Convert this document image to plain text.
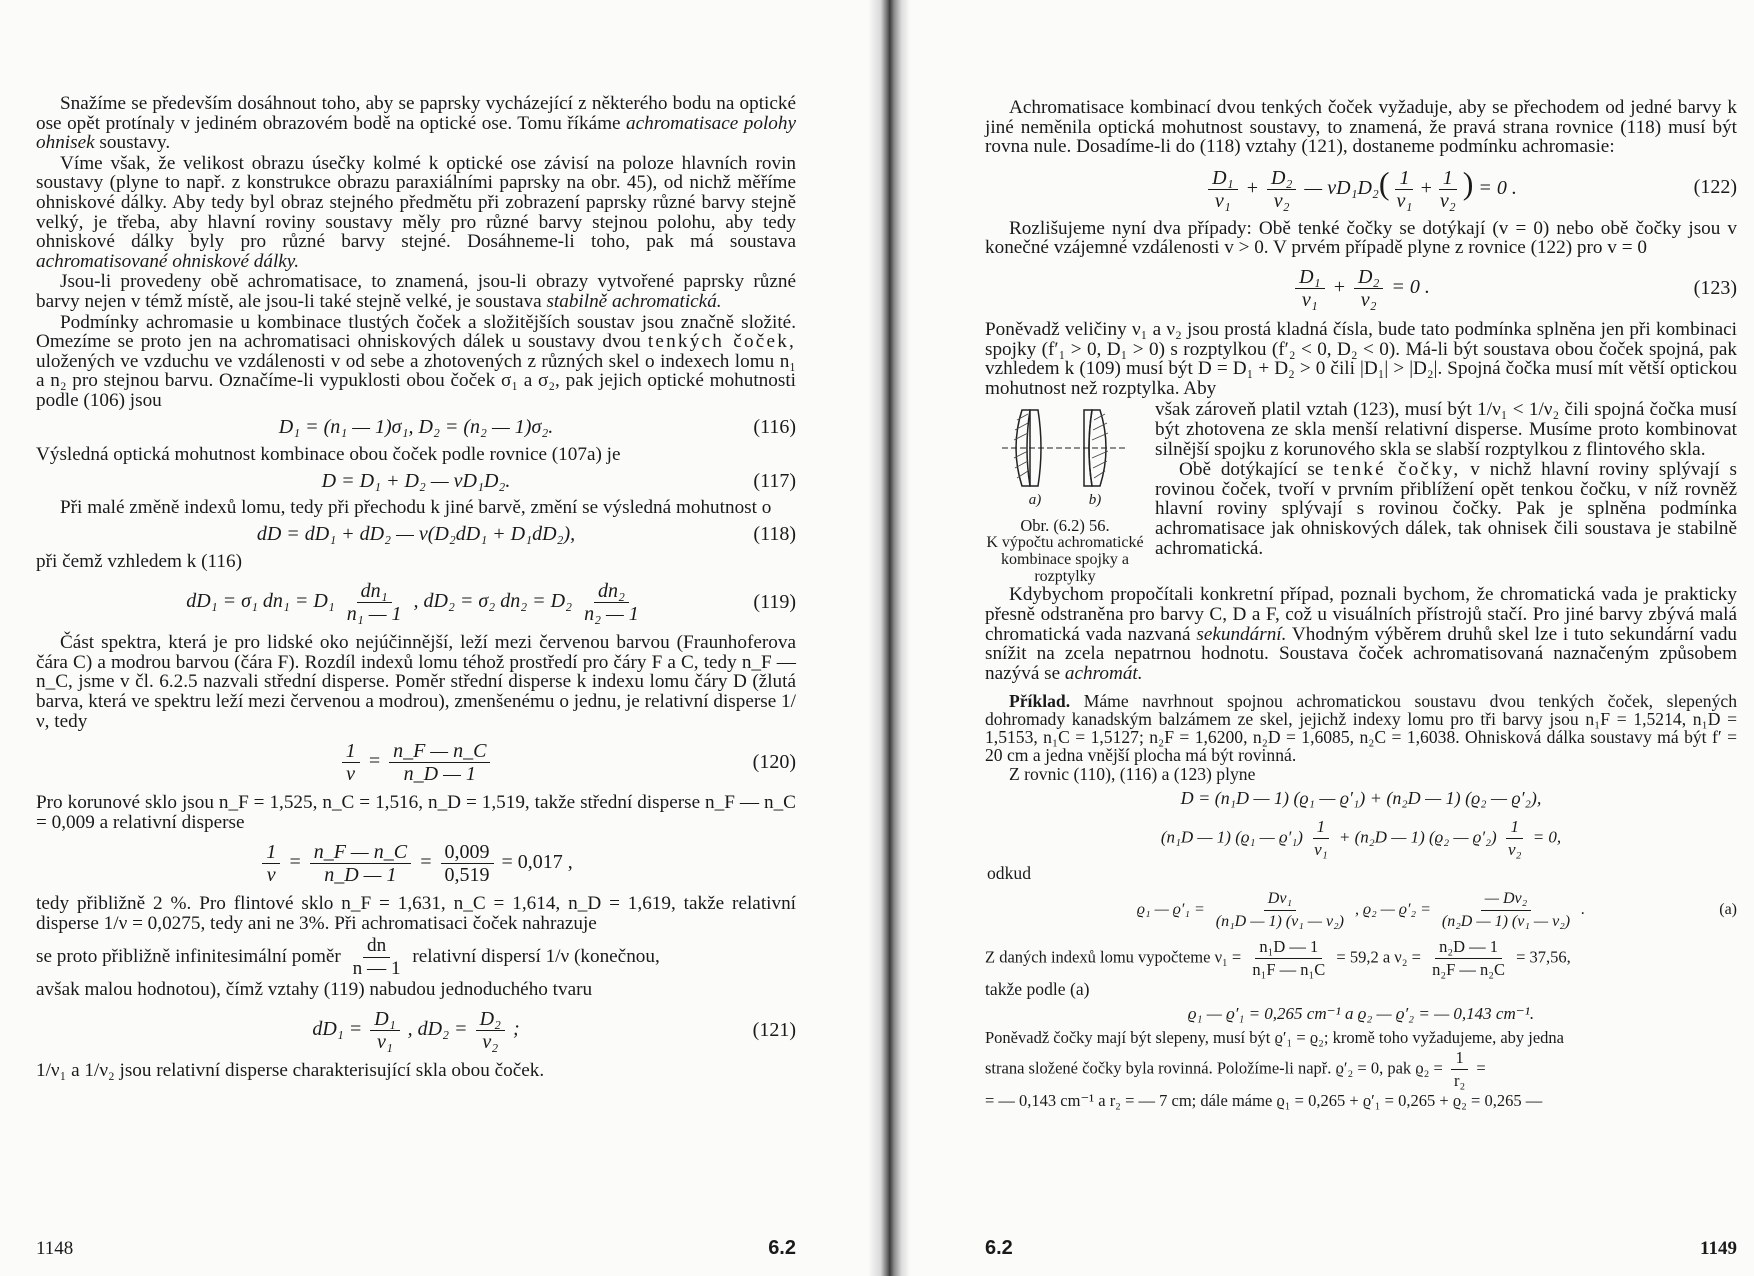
Snažíme se především dosáhnout toho, aby se paprsky vycházející z některého bodu na optické ose opět protínaly v jediném obrazovém bodě na optické ose. Tomu říkáme achromatisace polohy ohnisek soustavy.

Víme však, že velikost obrazu úsečky kolmé k optické ose závisí na poloze hlavních rovin soustavy (plyne to např. z konstrukce obrazu paraxiálními paprsky na obr. 45), od nichž měříme ohniskové dálky. Aby tedy byl obraz stejného předmětu při zobrazení paprsky různé barvy stejně velký, je třeba, aby hlavní roviny soustavy měly pro různé barvy stejnou polohu, aby tedy ohniskové dálky byly pro různé barvy stejné. Dosáhneme-li toho, pak má soustava achromatisované ohniskové dálky.

Jsou-li provedeny obě achromatisace, to znamená, jsou-li obrazy vytvořené paprsky různé barvy nejen v témž místě, ale jsou-li také stejně velké, je soustava stabilně achromatická.

Podmínky achromasie u kombinace tlustých čoček a složitějších soustav jsou značně složité. Omezíme se proto jen na achromatisaci ohniskových dálek u soustavy dvou tenkých čoček, uložených ve vzduchu ve vzdálenosti v od sebe a zhotovených z různých skel o indexech lomu n₁ a n₂ pro stejnou barvu. Označíme-li vypuklosti obou čoček σ₁ a σ₂, pak jejich optické mohutnosti podle (106) jsou

D₁ = (n₁ — 1)σ₁, D₂ = (n₂ — 1)σ₂.	(116)

Výsledná optická mohutnost kombinace obou čoček podle rovnice (107a) je

D = D₁ + D₂ — vD₁D₂.	(117)

Při malé změně indexů lomu, tedy při přechodu k jiné barvě, změní se výsledná mohutnost o

dD = dD₁ + dD₂ — v(D₂dD₁ + D₁dD₂),	(118)

při čemž vzhledem k (116)

dD₁ = σ₁ $dn_1 = D_1 \frac{\text{dn₁}}{\text{n₁ — 1}}$ , dD₂ = σ₂ $dn_2 = D_2 \frac{\text{dn₂}}{\text{n₂ — 1}}$	(119)

Část spektra, která je pro lidské oko nejúčinnější, leží mezi červenou barvou (Fraunhoferova čára C) a modrou barvou (čára F). Rozdíl indexů lomu téhož prostředí pro čáry F a C, tedy n_F — n_C, jsme v čl. 6.2.5 nazvali střední disperse. Poměr střední disperse k indexu lomu čáry D (žlutá barva, která ve spektru leží mezi červenou a modrou), zmenšenému o jednu, je relativní disperse 1/ν, tedy

$\frac{1}{\nu} = \frac{n\_F — n\_C}{n\_D — 1}$	(120)

Pro korunové sklo jsou n_F = 1,525, n_C = 1,516, n_D = 1,519, takže střední disperse n_F — n_C = 0,009 a relativní disperse

$\frac{1}{\nu} = \frac{n\_F — n\_C}{n\_D — 1} = \frac{0,009}{0,519} = 0,017$ ,

tedy přibližně 2 %. Pro flintové sklo n_F = 1,631, n_C = 1,614, n_D = 1,619, takže relativní disperse 1/ν = 0,0275, tedy ani ne 3%. Při achromatisaci čoček nahrazuje

se proto přibližně infinitesimální poměr $\frac{dn}{n — 1}$ relativní dispersí 1/ν (konečnou,

avšak malou hodnotou), čímž vztahy (119) nabudou jednoduchého tvaru

$dD_1 = \frac{\text{D₁}}{\text{ν₁}}$ , $dD_2 = \frac{\text{D₂}}{\text{ν₂}}$ ;	(121)

1/ν₁ a 1/ν₂ jsou relativní disperse charakterisující skla obou čoček.

1148	6.2

Achromatisace kombinací dvou tenkých čoček vyžaduje, aby se přechodem od jedné barvy k jiné neměnila optická mohutnost soustavy, to znamená, že pravá strana rovnice (118) musí být rovna nule. Dosadíme-li do (118) vztahy (121), dostaneme podmínku achromasie:

$\frac{\text{D₁}}{\text{ν₁}} + \frac{\text{D₂}}{\text{ν₂}}$ — $vD_1D_2( \frac{1}{\text{ν₁}} + \frac{1}{\text{ν₂}}$ ) = 0 .	(122)

Rozlišujeme nyní dva případy: Obě tenké čočky se dotýkají (v = 0) nebo obě čočky jsou v konečné vzájemné vzdálenosti v > 0. V prvém případě plyne z rovnice (122) pro v = 0

$\frac{\text{D₁}}{\text{ν₁}} + \frac{\text{D₂}}{\text{ν₂}} = 0$ .	(123)

Poněvadž veličiny ν₁ a ν₂ jsou prostá kladná čísla, bude tato podmínka splněna jen při kombinaci spojky (f′₁ > 0, D₁ > 0) s rozptylkou (f′₂ < 0, D₂ < 0). Má-li být soustava obou čoček spojná, pak vzhledem k (109) musí být D = D₁ + D₂ > 0 čili |D₁| > |D₂|. Spojná čočka musí mít větší optickou mohutnost než rozptylka. Aby

a)	b)
Obr. (6.2) 56.
K výpočtu achromatické kombinace spojky a rozptylky

však zároveň platil vztah (123), musí být 1/ν₁ < 1/ν₂ čili spojná čočka musí být zhotovena ze skla menší relativní disperse. Musíme proto kombinovat silnější spojku z korunového skla se slabší rozptylkou z flintového skla.

Obě dotýkající se tenké čočky, v nichž hlavní roviny splývají s rovinou čoček, tvoří v prvním přiblížení opět tenkou čočku, v níž rovněž hlavní roviny splývají s rovinou čočky. Pak je splněna podmínka achromatisace jak ohniskových dálek, tak ohnisek čili soustava je stabilně achromatická.

Kdybychom propočítali konkretní případ, poznali bychom, že chromatická vada je prakticky přesně odstraněna pro barvy C, D a F, což u visuálních přístrojů stačí. Pro jiné barvy zbývá malá chromatická vada nazvaná sekundární. Vhodným výběrem druhů skel lze i tuto sekundární vadu snížit na zcela nepatrnou hodnotu. Soustava čoček achromatisovaná naznačeným způsobem nazývá se achromát.

Příklad. Máme navrhnout spojnou achromatickou soustavu dvou tenkých čoček, slepených dohromady kanadským balzámem ze skel, jejichž indexy lomu pro tři barvy jsou n₁F = 1,5214, n₁D = 1,5153, n₁C = 1,5127; n₂F = 1,6200, n₂D = 1,6085, n₂C = 1,6038. Ohnisková dálka soustavy má být f′ = 20 cm a jedna vnější plocha má být rovinná.

Z rovnic (110), (116) a (123) plyne

D = (n₁D — 1) (ϱ₁ — ϱ′₁) + (n₂D — 1) (ϱ₂ — ϱ′₂),
(n₁D — 1) (ϱ₁ — $ϱ'_1) \frac{1}{\text{ν₁}} + (n_2D$ — 1) (ϱ₂ — $ϱ'_2) \frac{1}{\text{ν₂}} = 0$,

odkud

ϱ₁ — $ϱ'_1 = \frac{\text{Dν₁}}{\text{(n₁D — 1) (ν₁ — ν₂)}}$ , ϱ₂ — $ϱ'_2 = \frac{\text{— Dν₂}}{\text{(n₂D — 1) (ν₁ — ν₂)}}$ .	(a)

Z daných indexů lomu vypočteme $\nu_1 = \frac{\text{n₁D — 1}}{\text{n₁F — n₁C}} = 59,2$ a $\nu_2 = \frac{\text{n₂D — 1}}{\text{n₂F — n₂C}} = 37,56$,

takže podle (a)

ϱ₁ — ϱ′₁ = 0,265 cm⁻¹ a ϱ₂ — ϱ′₂ = — 0,143 cm⁻¹.

Poněvadž čočky mají být slepeny, musí být ϱ′₁ = ϱ₂; kromě toho vyžadujeme, aby jedna

strana složené čočky byla rovinná. Položíme-li např. ϱ′₂ = 0, pak $ϱ_2 = \frac{1}{\text{r₂}}$ =

= — 0,143 cm⁻¹ a r₂ = — 7 cm; dále máme ϱ₁ = 0,265 + ϱ′₁ = 0,265 + ϱ₂ = 0,265 —

6.2	1149
